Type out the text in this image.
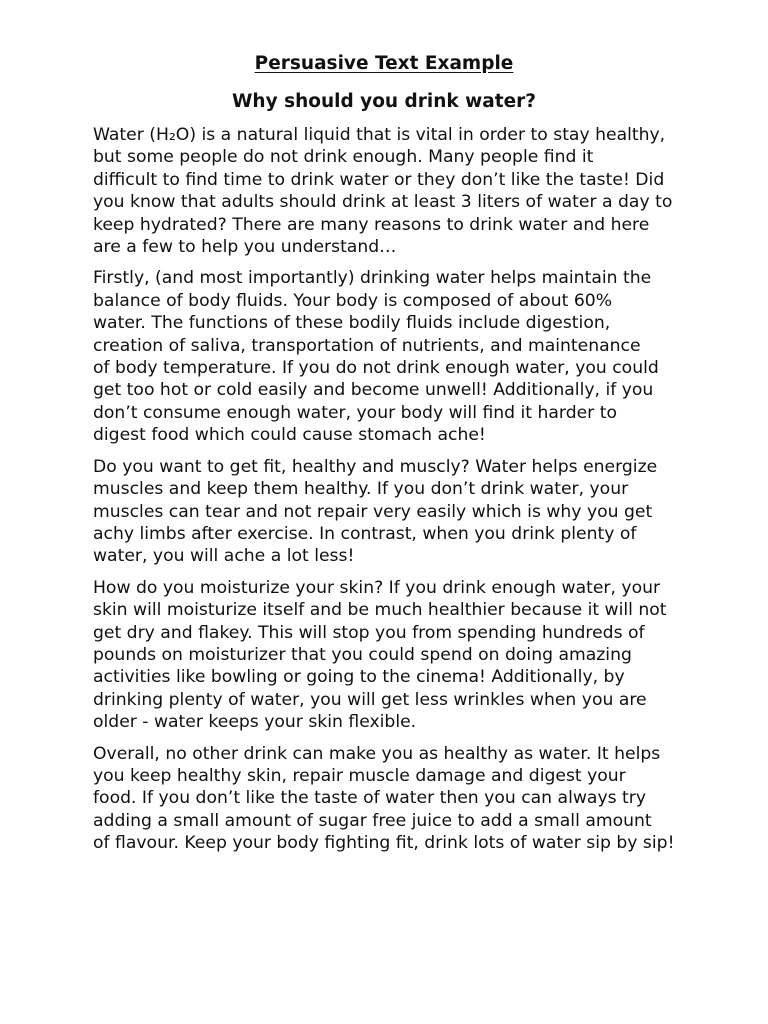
Persuasive Text Example
Why should you drink water?

Water (H₂O) is a natural liquid that is vital in order to stay healthy,
but some people do not drink enough. Many people find it
difficult to find time to drink water or they don’t like the taste! Did
you know that adults should drink at least 3 liters of water a day to
keep hydrated? There are many reasons to drink water and here
are a few to help you understand…

Firstly, (and most importantly) drinking water helps maintain the
balance of body fluids. Your body is composed of about 60%
water. The functions of these bodily fluids include digestion,
creation of saliva, transportation of nutrients, and maintenance
of body temperature. If you do not drink enough water, you could
get too hot or cold easily and become unwell! Additionally, if you
don’t consume enough water, your body will find it harder to
digest food which could cause stomach ache!

Do you want to get fit, healthy and muscly? Water helps energize
muscles and keep them healthy. If you don’t drink water, your
muscles can tear and not repair very easily which is why you get
achy limbs after exercise. In contrast, when you drink plenty of
water, you will ache a lot less!

How do you moisturize your skin? If you drink enough water, your
skin will moisturize itself and be much healthier because it will not
get dry and flakey. This will stop you from spending hundreds of
pounds on moisturizer that you could spend on doing amazing
activities like bowling or going to the cinema! Additionally, by
drinking plenty of water, you will get less wrinkles when you are
older - water keeps your skin flexible.

Overall, no other drink can make you as healthy as water. It helps
you keep healthy skin, repair muscle damage and digest your
food. If you don’t like the taste of water then you can always try
adding a small amount of sugar free juice to add a small amount
of flavour. Keep your body fighting fit, drink lots of water sip by sip!
